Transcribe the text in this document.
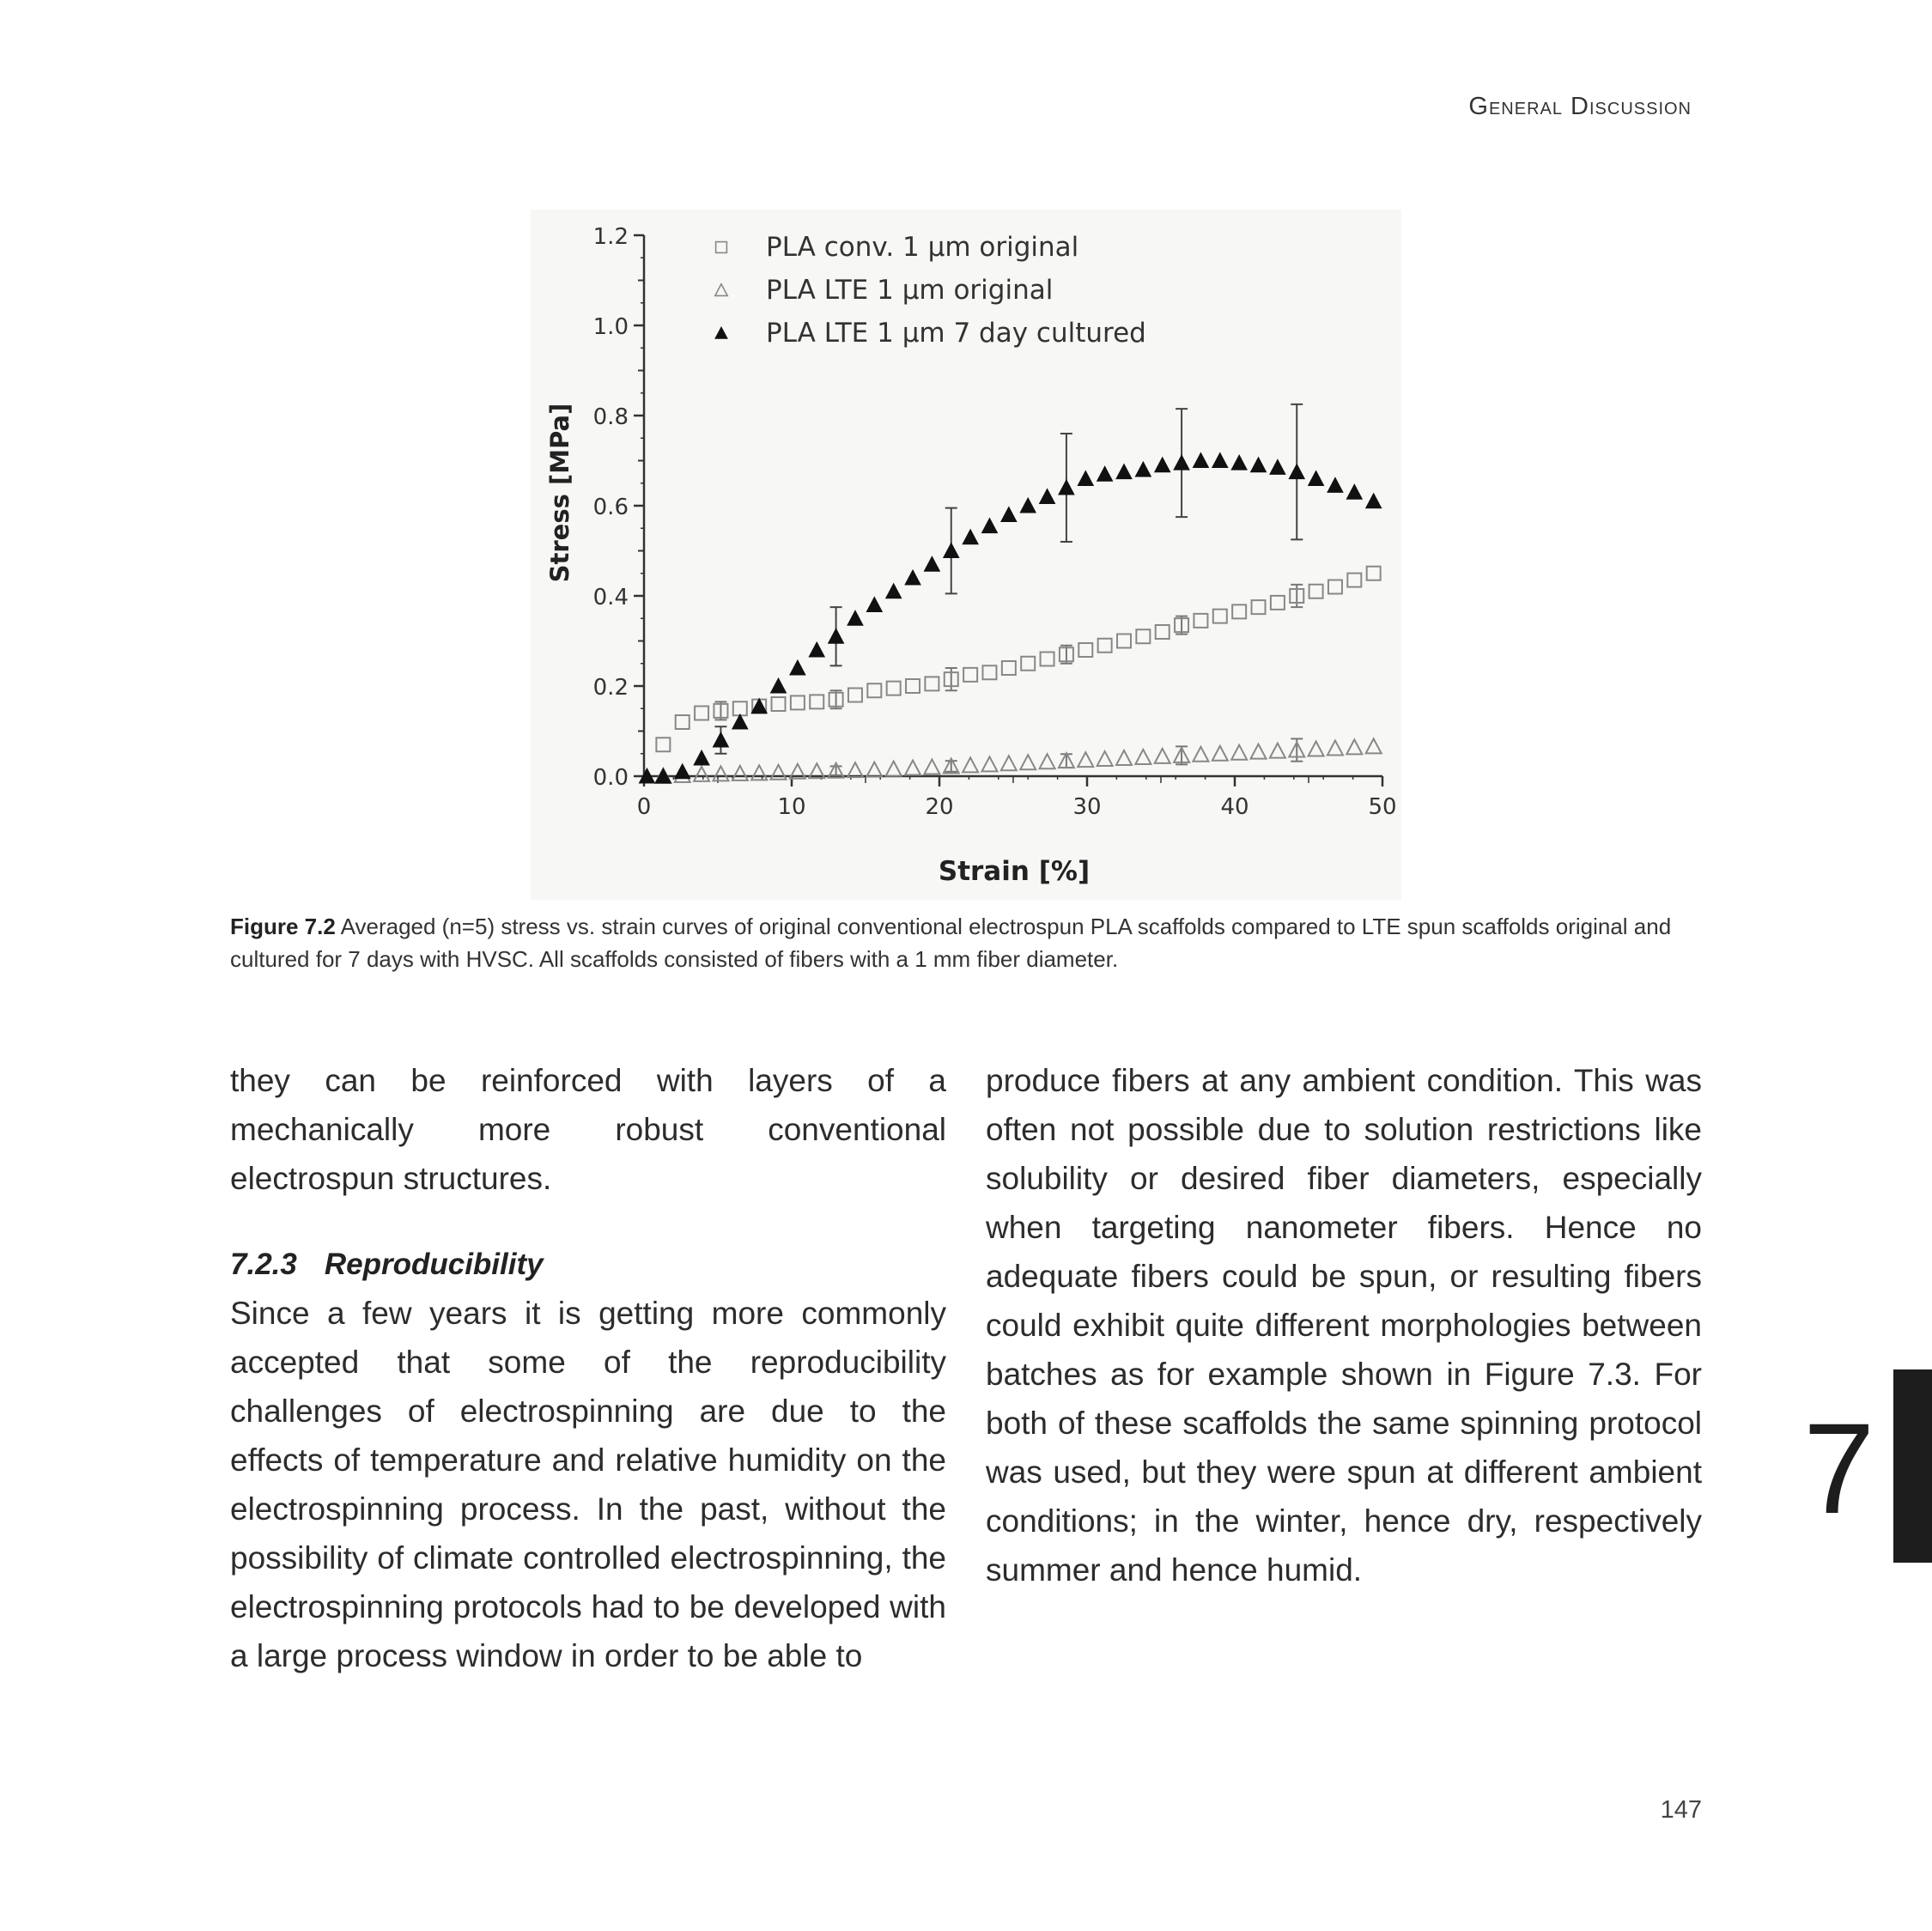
General Discussion
0.0
0.2
0.4
0.6
0.8
1.0
1.2
0	10	20	30	40	50
PLA conv. 1 µm original
PLA LTE 1 µm original
PLA LTE 1 µm 7 day cultured
Strain [%]
Stress [MPa]
Figure 7.2 Averaged (n=5) stress vs. strain curves of original conventional electrospun PLA scaffolds compared to LTE spun scaffolds original and cultured for 7 days with HVSC. All scaffolds consisted of fibers with a 1 mm fiber diameter.

they can be reinforced with layers of a mechanically more robust conventional electrospun structures.

7.2.3 Reproducibility

Since a few years it is getting more commonly accepted that some of the reproducibility challenges of electrospinning are due to the effects of temperature and relative humidity on the electrospinning process. In the past, without the possibility of climate controlled electrospinning, the electrospinning protocols had to be developed with a large process window in order to be able to

produce fibers at any ambient condition. This was often not possible due to solution restrictions like solubility or desired fiber diameters, especially when targeting nanometer fibers. Hence no adequate fibers could be spun, or resulting fibers could exhibit quite different morphologies between batches as for example shown in Figure 7.3. For both of these scaffolds the same spinning protocol was used, but they were spun at different ambient conditions; in the winter, hence dry, respectively summer and hence humid.

7
147
